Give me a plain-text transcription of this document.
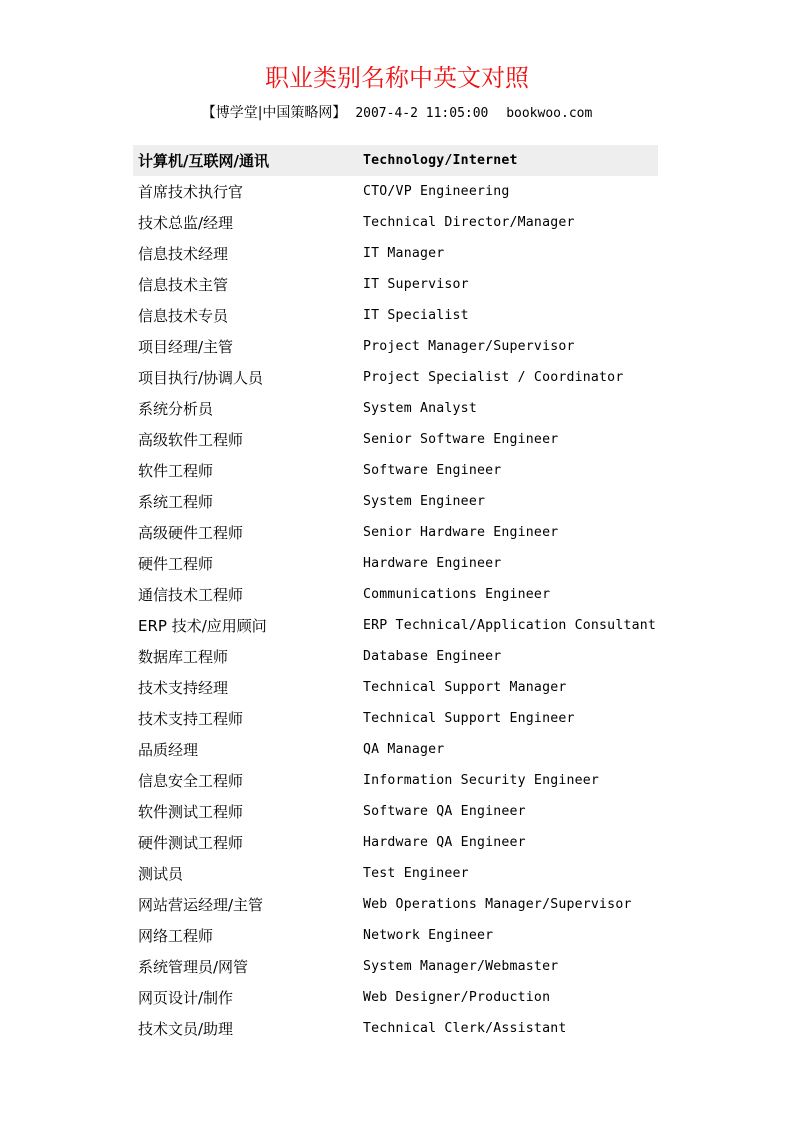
职业类别名称中英文对照
【博学堂|中国策略网】 2007-4-2 11:05:00 bookwoo.com
计算机/互联网/通讯	Technology/Internet
首席技术执行官	CTO/VP Engineering
技术总监/经理	Technical Director/Manager
信息技术经理	IT Manager
信息技术主管	IT Supervisor
信息技术专员	IT Specialist
项目经理/主管	Project Manager/Supervisor
项目执行/协调人员	Project Specialist / Coordinator
系统分析员	System Analyst
高级软件工程师	Senior Software Engineer
软件工程师	Software Engineer
系统工程师	System Engineer
高级硬件工程师	Senior Hardware Engineer
硬件工程师	Hardware Engineer
通信技术工程师	Communications Engineer
ERP 技术/应用顾问	ERP Technical/Application Consultant
数据库工程师	Database Engineer
技术支持经理	Technical Support Manager
技术支持工程师	Technical Support Engineer
品质经理	QA Manager
信息安全工程师	Information Security Engineer
软件测试工程师	Software QA Engineer
硬件测试工程师	Hardware QA Engineer
测试员	Test Engineer
网站营运经理/主管	Web Operations Manager/Supervisor
网络工程师	Network Engineer
系统管理员/网管	System Manager/Webmaster
网页设计/制作	Web Designer/Production
技术文员/助理	Technical Clerk/Assistant
